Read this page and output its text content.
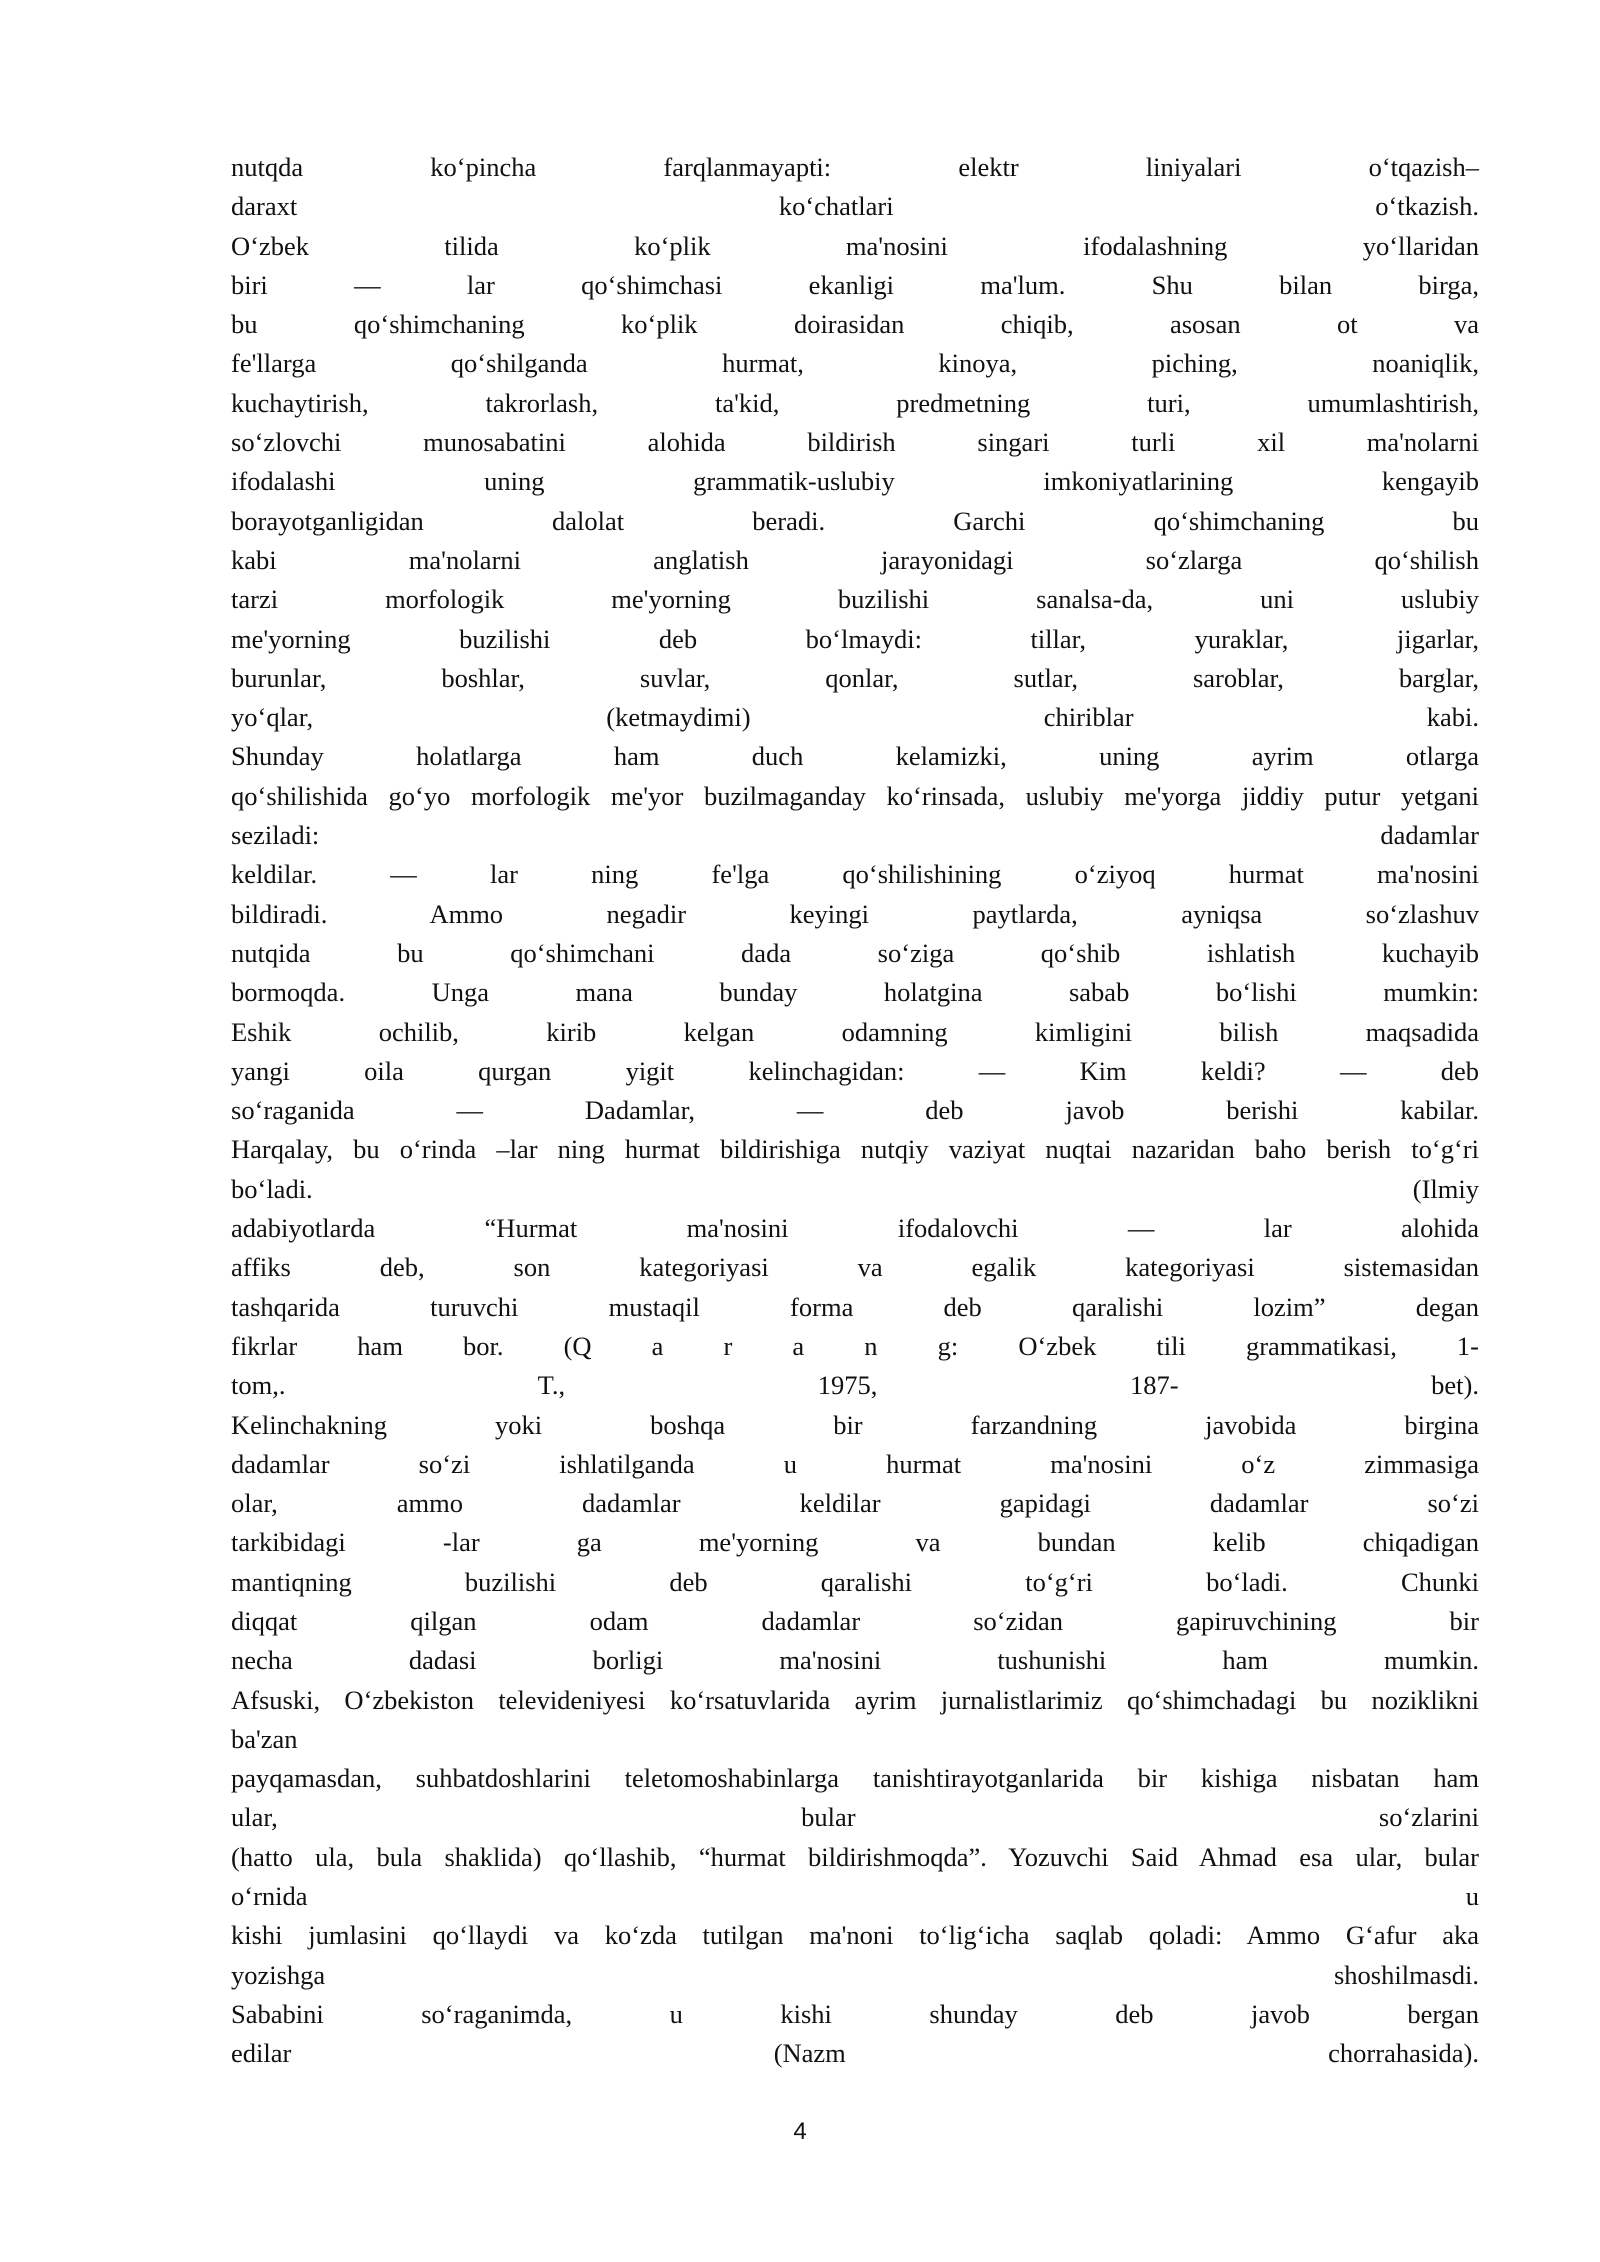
nutqda ko‘pincha farqlanmayapti: elektr liniyalari o‘tqazish–
daraxt ko‘chatlari o‘tkazish.
O‘zbek tilida ko‘plik ma'nosini ifodalashning yo‘llaridan
biri — lar qo‘shimchasi ekanligi ma'lum. Shu bilan birga,
bu qo‘shimchaning ko‘plik doirasidan chiqib, asosan ot va
fe'llarga qo‘shilganda hurmat, kinoya, piching, noaniqlik,
kuchaytirish, takrorlash, ta'kid, predmetning turi, umumlashtirish,
so‘zlovchi munosabatini alohida bildirish singari turli xil ma'nolarni
ifodalashi uning grammatik-uslubiy imkoniyatlarining kengayib
borayotganligidan dalolat beradi. Garchi qo‘shimchaning bu
kabi ma'nolarni anglatish jarayonidagi so‘zlarga qo‘shilish
tarzi morfologik me'yorning buzilishi sanalsa-da, uni uslubiy
me'yorning buzilishi deb bo‘lmaydi: tillar, yuraklar, jigarlar,
burunlar, boshlar, suvlar, qonlar, sutlar, saroblar, barglar,
yo‘qlar, (ketmaydimi) chiriblar kabi.
Shunday holatlarga ham duch kelamizki, uning ayrim otlarga
qo‘shilishida go‘yo morfologik me'yor buzilmaganday ko‘rinsada, uslubiy me'yorga jiddiy putur yetgani
seziladi: dadamlar
keldilar. — lar ning fe'lga qo‘shilishining o‘ziyoq hurmat ma'nosini
bildiradi. Ammo negadir keyingi paytlarda, ayniqsa so‘zlashuv
nutqida bu qo‘shimchani dada so‘ziga qo‘shib ishlatish kuchayib
bormoqda. Unga mana bunday holatgina sabab bo‘lishi mumkin:
Eshik ochilib, kirib kelgan odamning kimligini bilish maqsadida
yangi oila qurgan yigit kelinchagidan: — Kim keldi? — deb
so‘raganida — Dadamlar, — deb javob berishi kabilar.
Harqalay, bu o‘rinda –lar ning hurmat bildirishiga nutqiy vaziyat nuqtai nazaridan baho berish to‘g‘ri
bo‘ladi. (Ilmiy
adabiyotlarda “Hurmat ma'nosini ifodalovchi — lar alohida
affiks deb, son kategoriyasi va egalik kategoriyasi sistemasidan
tashqarida turuvchi mustaqil forma deb qaralishi lozim” degan
fikrlar ham bor. (Q a r a n g: O‘zbek tili grammatikasi, 1-
tom,. T., 1975, 187- bet).
Kelinchakning yoki boshqa bir farzandning javobida birgina
dadamlar so‘zi ishlatilganda u hurmat ma'nosini o‘z zimmasiga
olar, ammo dadamlar keldilar gapidagi dadamlar so‘zi
tarkibidagi -lar ga me'yorning va bundan kelib chiqadigan
mantiqning buzilishi deb qaralishi to‘g‘ri bo‘ladi. Chunki
diqqat qilgan odam dadamlar so‘zidan gapiruvchining bir
necha dadasi borligi ma'nosini tushunishi ham mumkin.
Afsuski, O‘zbekiston televideniyesi ko‘rsatuvlarida ayrim jurnalistlarimiz qo‘shimchadagi bu noziklikni
ba'zan
payqamasdan, suhbatdoshlarini teletomoshabinlarga tanishtirayotganlarida bir kishiga nisbatan ham
ular, bular so‘zlarini
(hatto ula, bula shaklida) qo‘llashib, “hurmat bildirishmoqda”. Yozuvchi Said Ahmad esa ular, bular
o‘rnida u
kishi jumlasini qo‘llaydi va ko‘zda tutilgan ma'noni to‘lig‘icha saqlab qoladi: Ammo G‘afur aka
yozishga shoshilmasdi.
Sababini so‘raganimda, u kishi shunday deb javob bergan
edilar (Nazm chorrahasida).
4
